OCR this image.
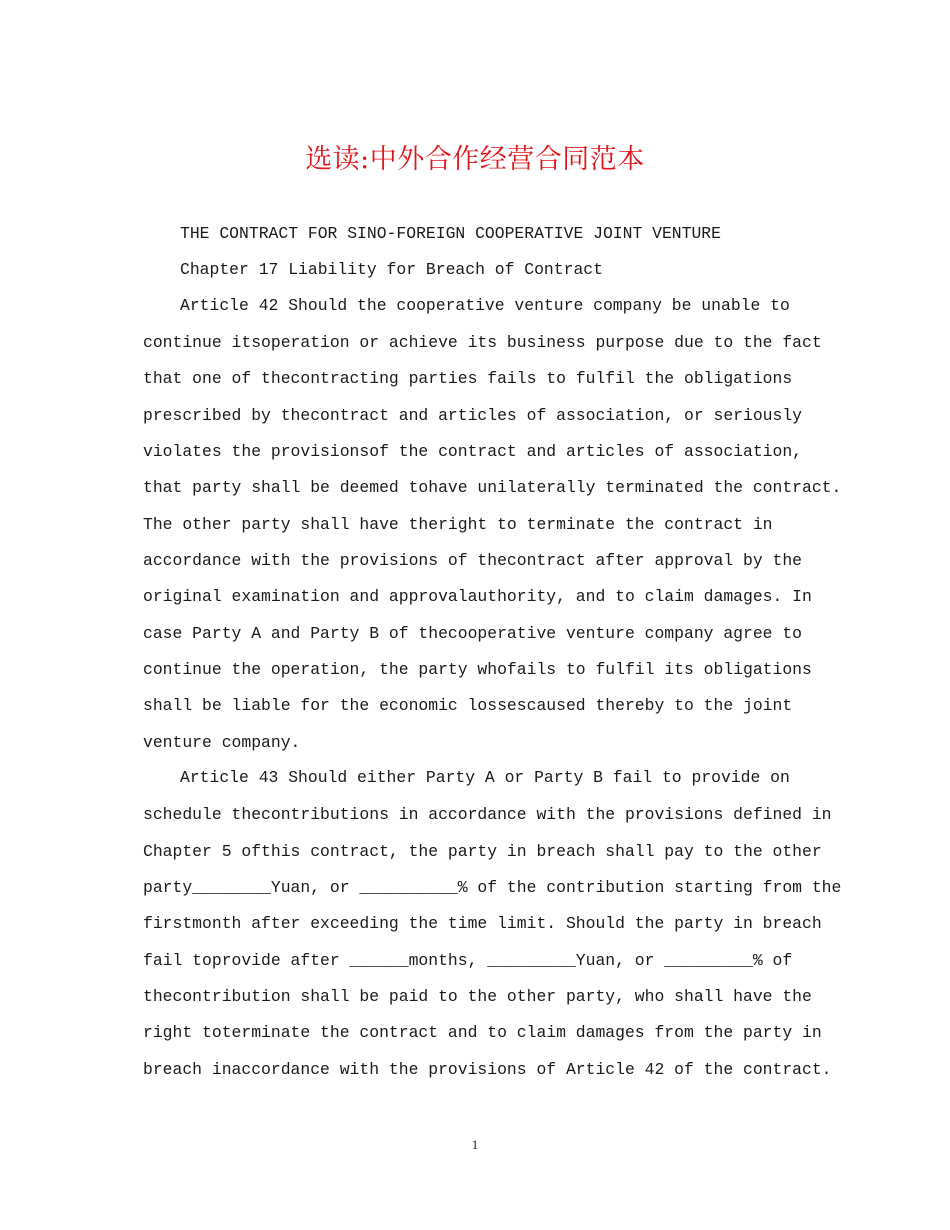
选读:中外合作经营合同范本
THE CONTRACT FOR SINO-FOREIGN COOPERATIVE JOINT VENTURE
Chapter 17 Liability for Breach of Contract
Article 42 Should the cooperative venture company be unable to
continue itsoperation or achieve its business purpose due to the fact
that one of thecontracting parties fails to fulfil the obligations
prescribed by thecontract and articles of association, or seriously
violates the provisionsof the contract and articles of association,
that party shall be deemed tohave unilaterally terminated the contract.
The other party shall have theright to terminate the contract in
accordance with the provisions of thecontract after approval by the
original examination and approvalauthority, and to claim damages. In
case Party A and Party B of thecooperative venture company agree to
continue the operation, the party whofails to fulfil its obligations
shall be liable for the economic lossescaused thereby to the joint
venture company.
Article 43 Should either Party A or Party B fail to provide on
schedule thecontributions in accordance with the provisions defined in
Chapter 5 ofthis contract, the party in breach shall pay to the other
party________Yuan, or __________% of the contribution starting from the
firstmonth after exceeding the time limit. Should the party in breach
fail toprovide after ______months, _________Yuan, or _________% of
thecontribution shall be paid to the other party, who shall have the
right toterminate the contract and to claim damages from the party in
breach inaccordance with the provisions of Article 42 of the contract.
1
